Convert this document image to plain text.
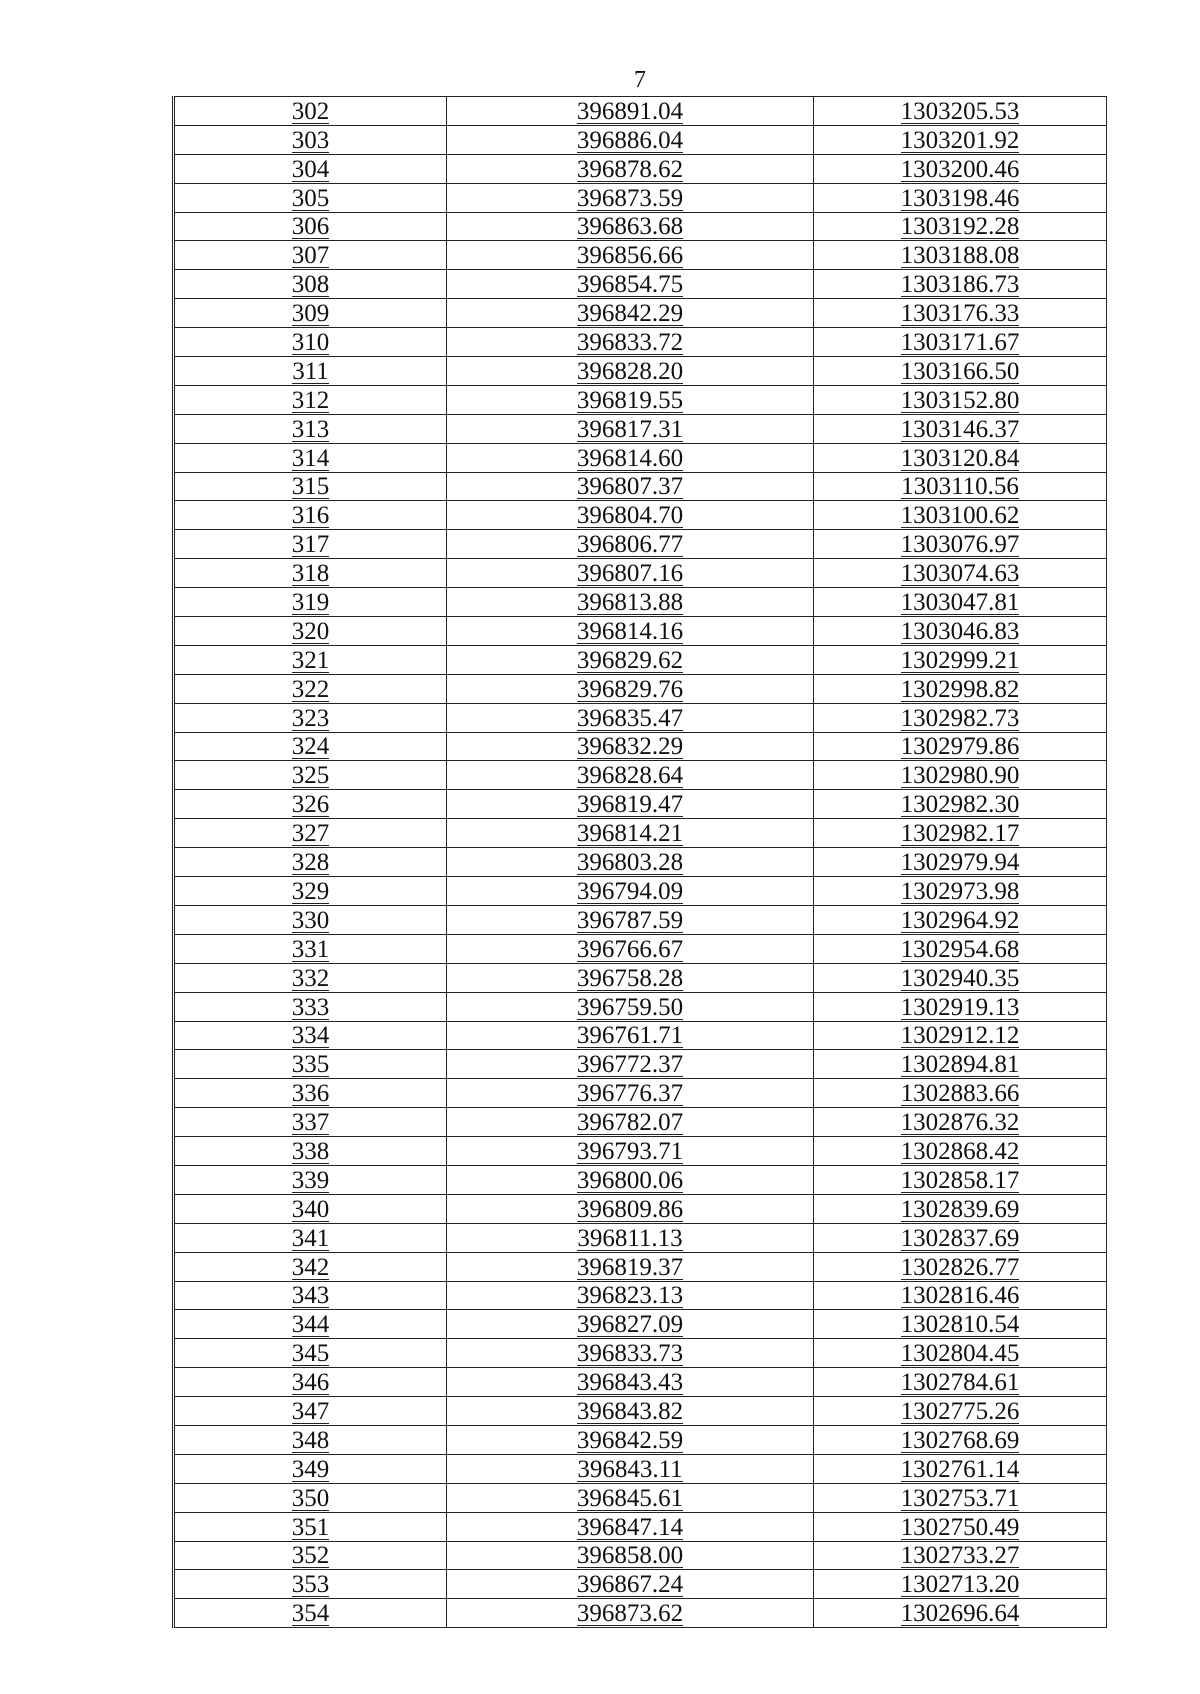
7
302	396891.04	1303205.53
303	396886.04	1303201.92
304	396878.62	1303200.46
305	396873.59	1303198.46
306	396863.68	1303192.28
307	396856.66	1303188.08
308	396854.75	1303186.73
309	396842.29	1303176.33
310	396833.72	1303171.67
311	396828.20	1303166.50
312	396819.55	1303152.80
313	396817.31	1303146.37
314	396814.60	1303120.84
315	396807.37	1303110.56
316	396804.70	1303100.62
317	396806.77	1303076.97
318	396807.16	1303074.63
319	396813.88	1303047.81
320	396814.16	1303046.83
321	396829.62	1302999.21
322	396829.76	1302998.82
323	396835.47	1302982.73
324	396832.29	1302979.86
325	396828.64	1302980.90
326	396819.47	1302982.30
327	396814.21	1302982.17
328	396803.28	1302979.94
329	396794.09	1302973.98
330	396787.59	1302964.92
331	396766.67	1302954.68
332	396758.28	1302940.35
333	396759.50	1302919.13
334	396761.71	1302912.12
335	396772.37	1302894.81
336	396776.37	1302883.66
337	396782.07	1302876.32
338	396793.71	1302868.42
339	396800.06	1302858.17
340	396809.86	1302839.69
341	396811.13	1302837.69
342	396819.37	1302826.77
343	396823.13	1302816.46
344	396827.09	1302810.54
345	396833.73	1302804.45
346	396843.43	1302784.61
347	396843.82	1302775.26
348	396842.59	1302768.69
349	396843.11	1302761.14
350	396845.61	1302753.71
351	396847.14	1302750.49
352	396858.00	1302733.27
353	396867.24	1302713.20
354	396873.62	1302696.64
